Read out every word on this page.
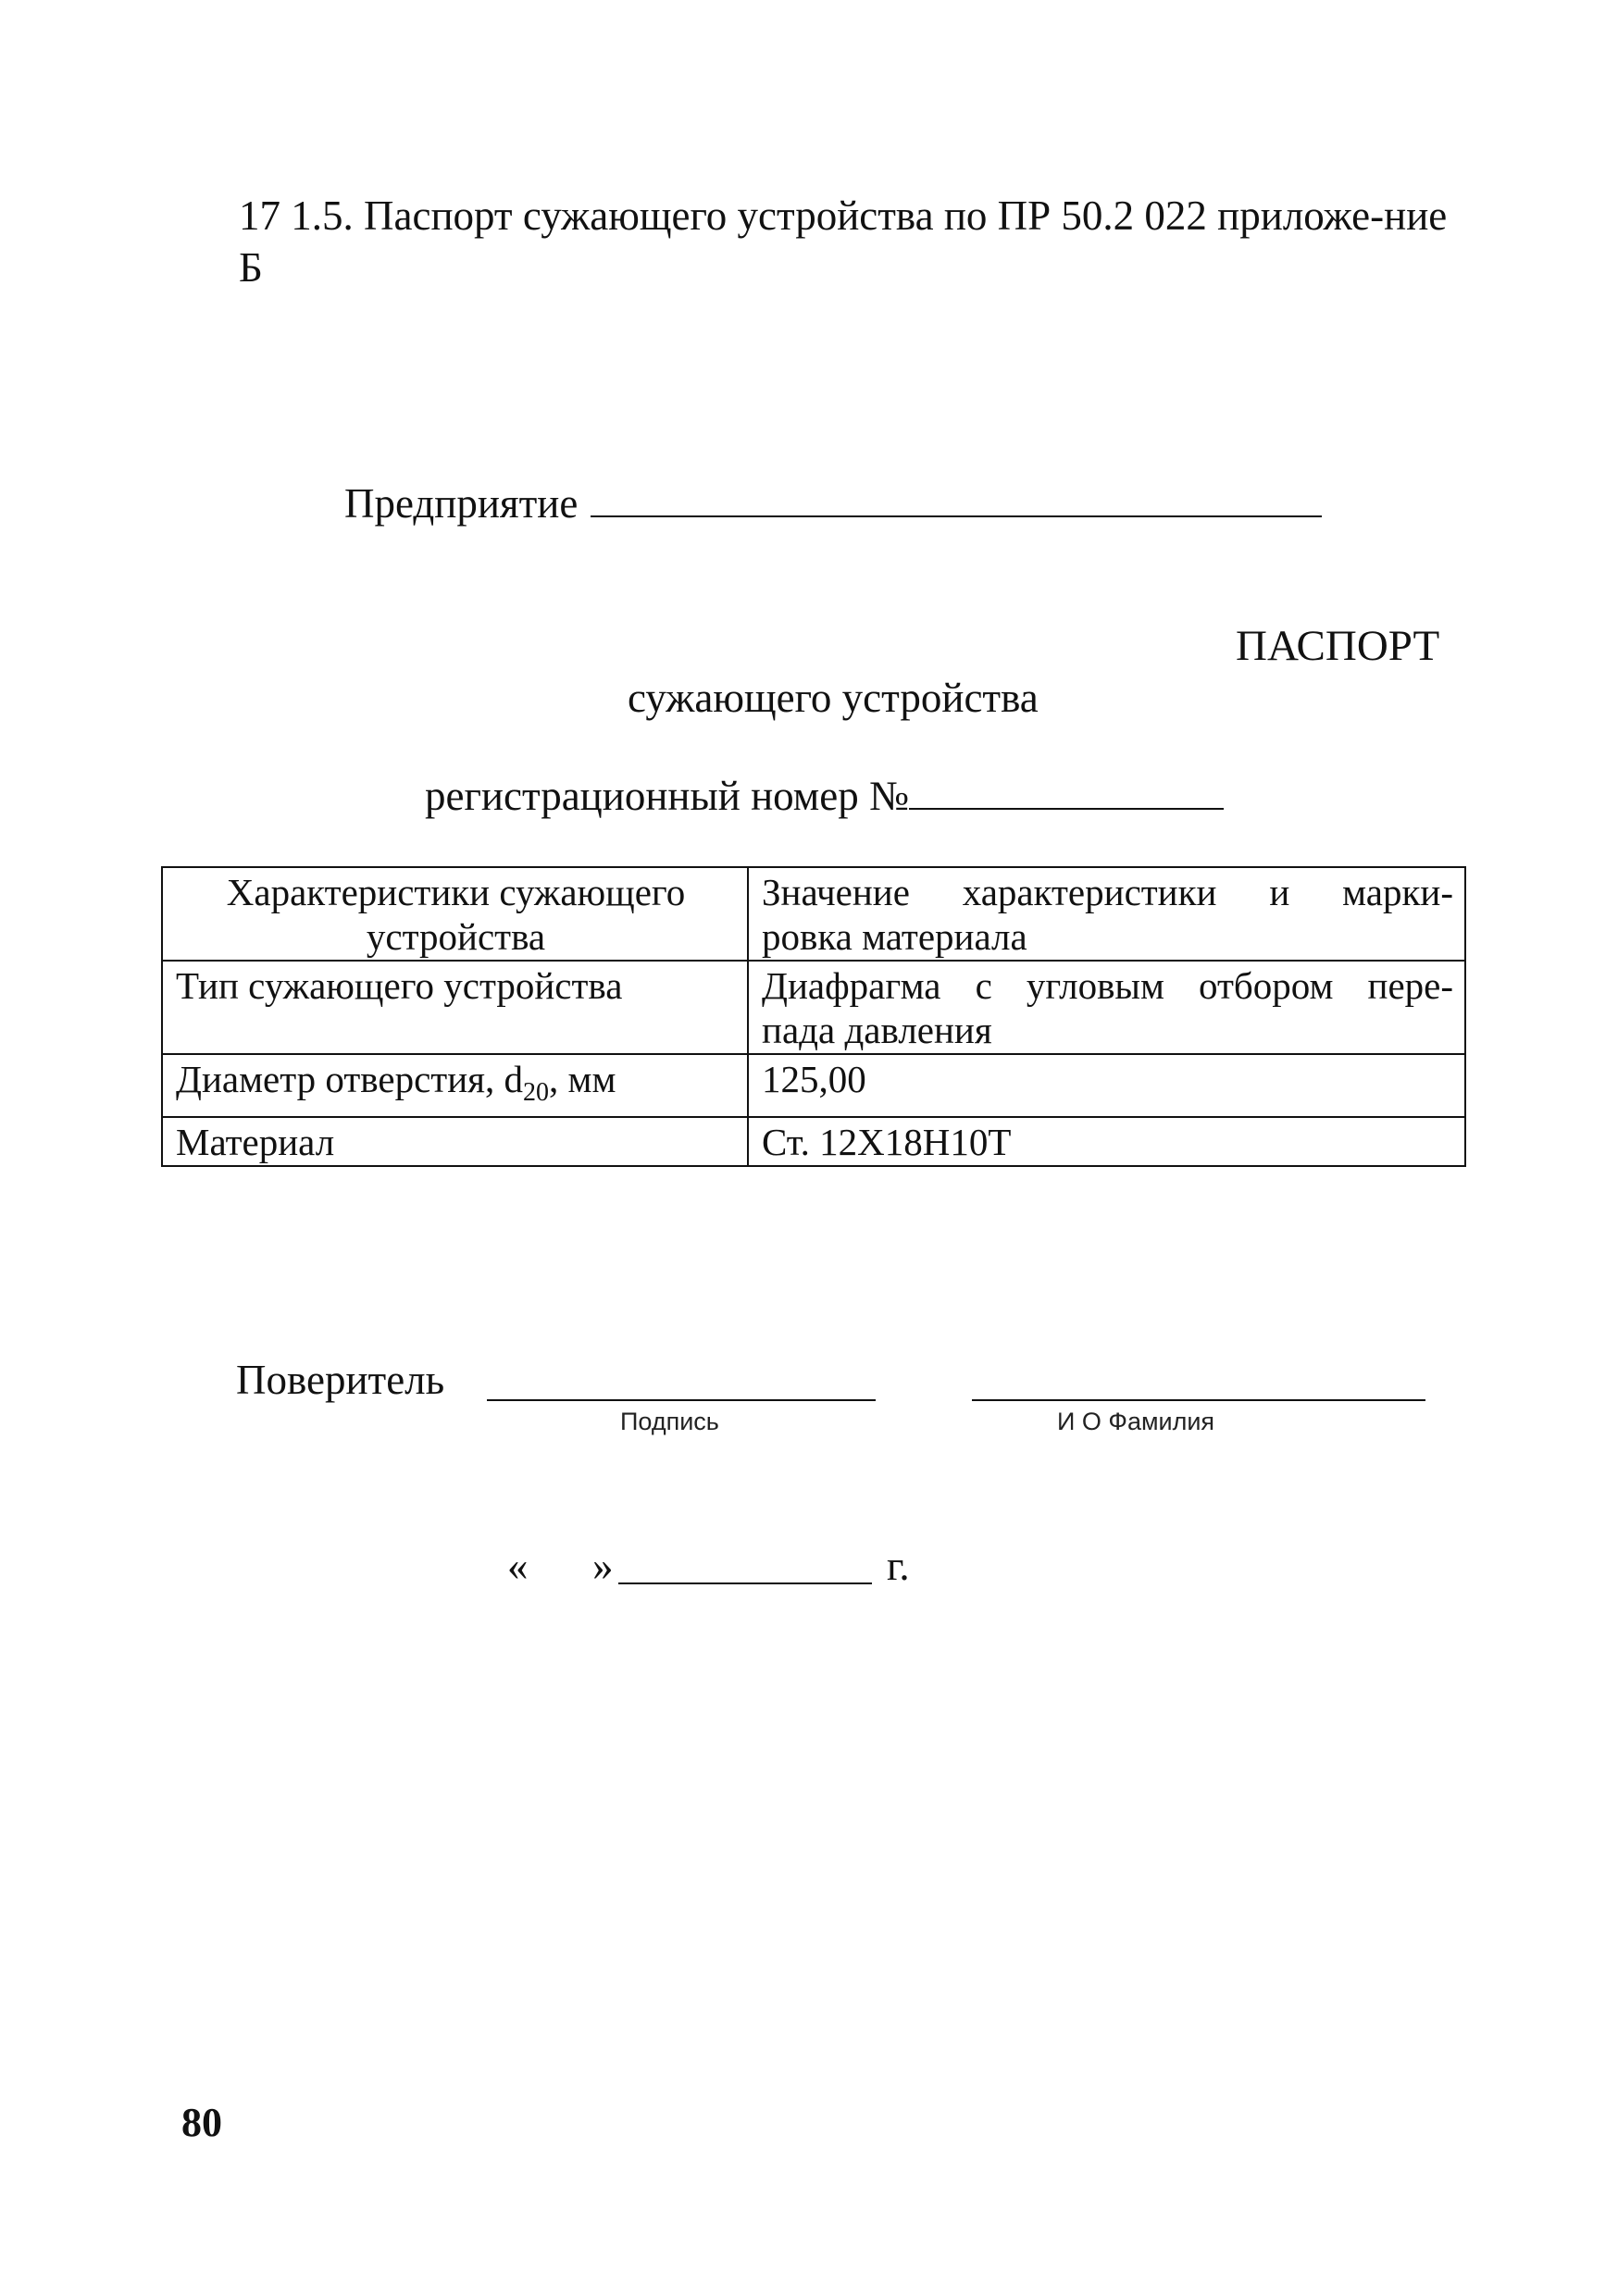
17 1.5. Паспорт сужающего устройства по ПР 50.2 022 приложе-ние Б
Предприятие
ПАСПОРТ
сужающего устройства
регистрационный номер №
Характеристики сужающего устройства	Значение характеристики и марки-
ровка материала

Тип сужающего устройства	Диафрагма с угловым отбором пере-
пада давления

Диаметр отверстия, $d_{20}$, мм	125,00
Материал	Ст. 12Х18Н10Т
Поверитель
Подпись	И О Фамилия
« »	г.
80
